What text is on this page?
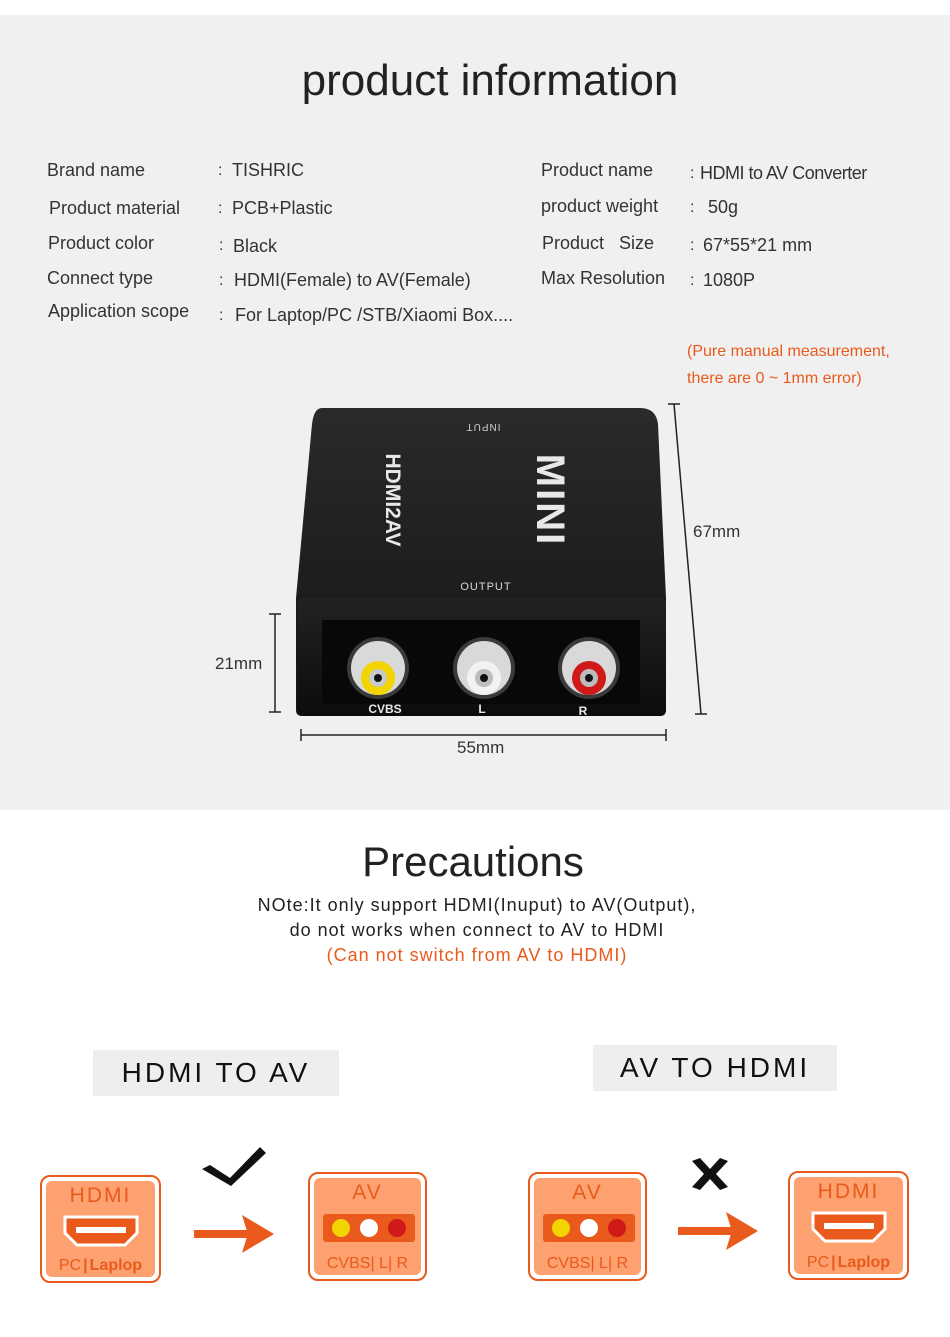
product information
Brand name	: TISHRIC
Product material : PCB+Plastic
Product color	: Black
Connect type	: HDMI(Female) to AV(Female)
Application scope : For Laptop/PC /STB/Xiaomi Box....
Product name : HDMI to AV Converter
product weight : 50g
Product   Size : 67*55*21 mm
Max Resolution : 1080P
(Pure manual measurement,
there are 0 ~ 1mm error)
INPUT
MINI
HDMI2AV
OUTPUT
CVBS	L	R
67mm
21mm
55mm
Precautions
NOte:It only support HDMI(Inuput) to AV(Output),
do not works when connect to AV to HDMI
(Can not switch from AV to HDMI)
HDMI TO AV	AV TO HDMI
HDMI
PC | Laplop
AV
CVBS| L| R
AV
CVBS| L| R
HDMI
PC | Laplop
